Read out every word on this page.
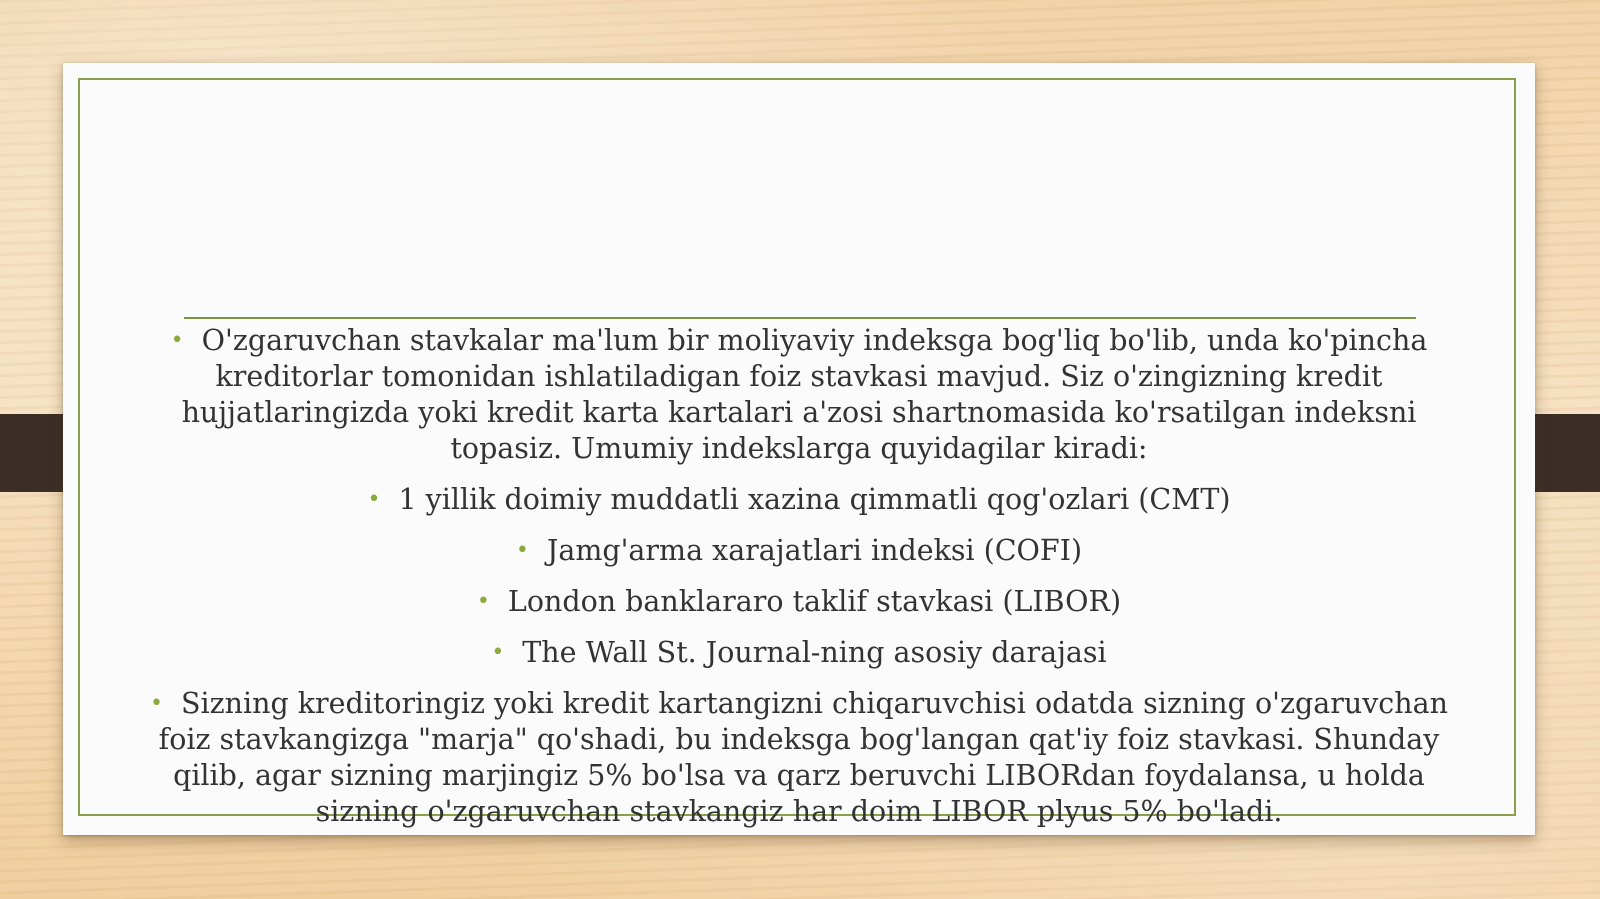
• O'zgaruvchan stavkalar ma'lum bir moliyaviy indeksga bog'liq bo'lib, unda ko'pincha kreditorlar tomonidan ishlatiladigan foiz stavkasi mavjud. Siz o'zingizning kredit hujjatlaringizda yoki kredit karta kartalari a'zosi shartnomasida ko'rsatilgan indeksni topasiz. Umumiy indekslarga quyidagilar kiradi:

• 1 yillik doimiy muddatli xazina qimmatli qog'ozlari (CMT)

• Jamg'arma xarajatlari indeksi (COFI)

• London banklararo taklif stavkasi (LIBOR)

• The Wall St. Journal-ning asosiy darajasi

• Sizning kreditoringiz yoki kredit kartangizni chiqaruvchisi odatda sizning o'zgaruvchan foiz stavkangizga "marja" qo'shadi, bu indeksga bog'langan qat'iy foiz stavkasi. Shunday qilib, agar sizning marjingiz 5% bo'lsa va qarz beruvchi LIBORdan foydalansa, u holda sizning o'zgaruvchan stavkangiz har doim LIBOR plyus 5% bo'ladi.
